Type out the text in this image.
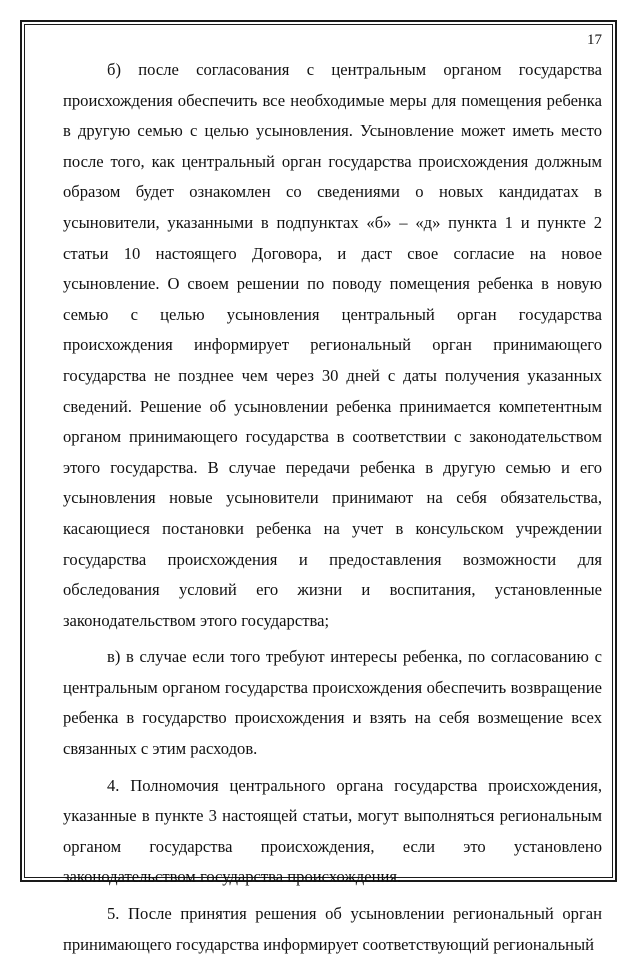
17

б) после согласования с центральным органом государства происхождения обеспечить все необходимые меры для помещения ребенка в другую семью с целью усыновления. Усыновление может иметь место после того, как центральный орган государства происхождения должным образом будет ознакомлен со сведениями о новых кандидатах в усыновители, указанными в подпунктах «б» – «д» пункта 1 и пункте 2 статьи 10 настоящего Договора, и даст свое согласие на новое усыновление. О своем решении по поводу помещения ребенка в новую семью с целью усыновления центральный орган государства происхождения информирует региональный орган принимающего государства не позднее чем через 30 дней с даты получения указанных сведений. Решение об усыновлении ребенка принимается компетентным органом принимающего государства в соответствии с законодательством этого государства. В случае передачи ребенка в другую семью и его усыновления новые усыновители принимают на себя обязательства, касающиеся постановки ребенка на учет в консульском учреждении государства происхождения и предоставления возможности для обследования условий его жизни и воспитания, установленные законодательством этого государства;

в) в случае если того требуют интересы ребенка, по согласованию с центральным органом государства происхождения обеспечить возвращение ребенка в государство происхождения и взять на себя возмещение всех связанных с этим расходов.

4. Полномочия центрального органа государства происхождения, указанные в пункте 3 настоящей статьи, могут выполняться региональным органом государства происхождения, если это установлено законодательством государства происхождения.

5. После принятия решения об усыновлении региональный орган принимающего государства информирует соответствующий региональный
